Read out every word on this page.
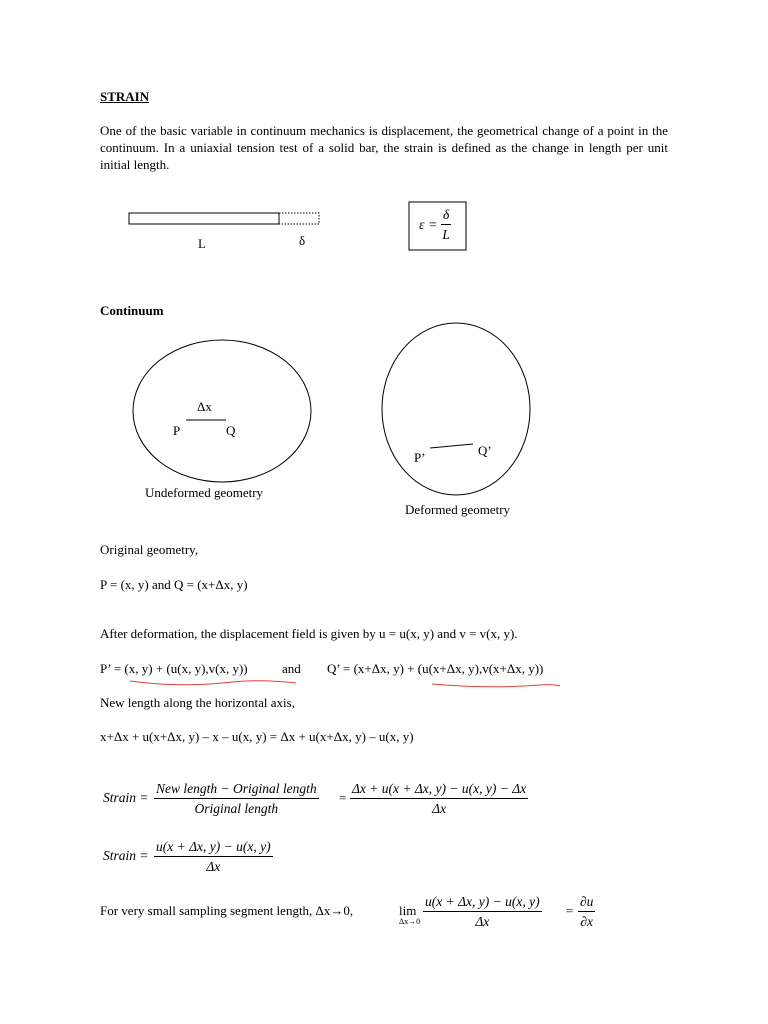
STRAIN
One of the basic variable in continuum mechanics is displacement, the geometrical change of a point in the continuum. In a uniaxial tension test of a solid bar, the strain is defined as the change in length per unit initial length.
L	δ
$\varepsilon = \frac{\delta}{L}$
Continuum
Δx
P	Q
Undeformed geometry
P’	Q’
Deformed geometry
Original geometry,
P = (x, y) and Q = (x+Δx, y)
After deformation, the displacement field is given by u = u(x, y) and v = v(x, y).
P’ = (x, y) + (u(x, y),v(x, y))	and Q’ = (x+Δx, y) + (u(x+Δx, y),v(x+Δx, y))
New length along the horizontal axis,
x+Δx + u(x+Δx, y) – x – u(x, y) = Δx + u(x+Δx, y) – u(x, y)
Strain =
New length − Original length
Original length
= $\frac{\Delta x + u(x + \Delta x, y) - u(x, y) - \Delta x}{\Delta x}$
Strain = $\frac{u(x + \Delta x, y) - u(x, y)}{\Delta x}$
For very small sampling segment length, Δx→0,	lim
$\Delta x\to 0 \frac{u(x + \Delta x, y) - u(x, y)}{\Delta x} = \frac{\partial u}{\partial x}$
